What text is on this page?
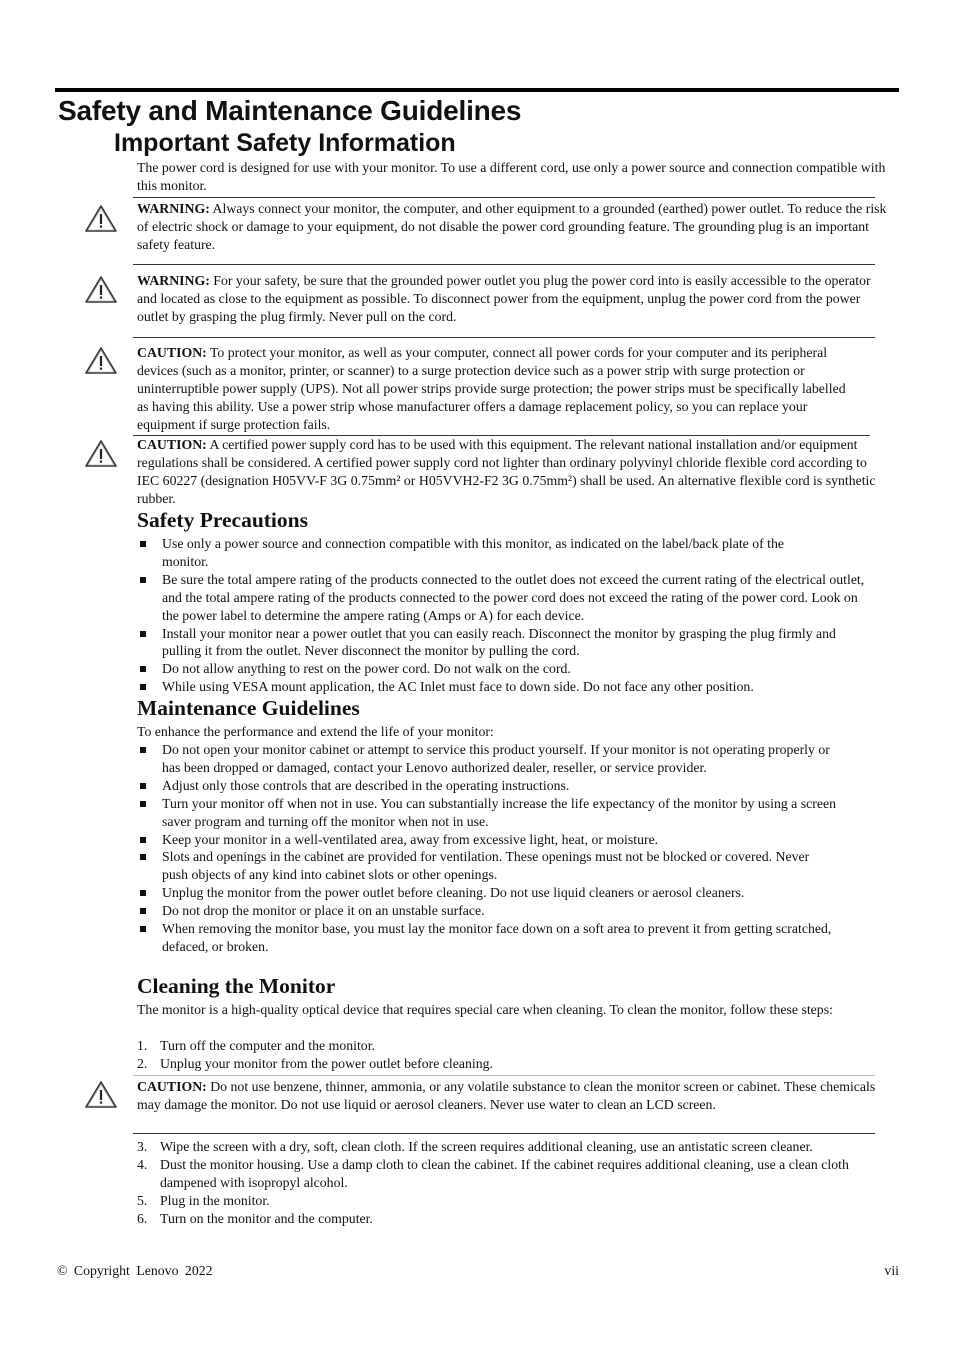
Safety and Maintenance Guidelines
Important Safety Information

The power cord is designed for use with your monitor. To use a different cord, use only a power source and connection compatible with this monitor.

WARNING: Always connect your monitor, the computer, and other equipment to a grounded (earthed) power outlet. To reduce the risk of electric shock or damage to your equipment, do not disable the power cord grounding feature. The grounding plug is an important safety feature.

WARNING: For your safety, be sure that the grounded power outlet you plug the power cord into is easily accessible to the operator and located as close to the equipment as possible. To disconnect power from the equipment, unplug the power cord from the power outlet by grasping the plug firmly. Never pull on the cord.

CAUTION: To protect your monitor, as well as your computer, connect all power cords for your computer and its peripheral devices (such as a monitor, printer, or scanner) to a surge protection device such as a power strip with surge protection or uninterruptible power supply (UPS). Not all power strips provide surge protection; the power strips must be specifically labelled as having this ability. Use a power strip whose manufacturer offers a damage replacement policy, so you can replace your equipment if surge protection fails.

CAUTION: A certified power supply cord has to be used with this equipment. The relevant national installation and/or equipment regulations shall be considered. A certified power supply cord not lighter than ordinary polyvinyl chloride flexible cord according to IEC 60227 (designation H05VV-F 3G 0.75mm² or H05VVH2-F2 3G 0.75mm²) shall be used. An alternative flexible cord is synthetic rubber.

Safety Precautions
Use only a power source and connection compatible with this monitor, as indicated on the label/back plate of the monitor.
Be sure the total ampere rating of the products connected to the outlet does not exceed the current rating of the electrical outlet, and the total ampere rating of the products connected to the power cord does not exceed the rating of the power cord. Look on the power label to determine the ampere rating (Amps or A) for each device.
Install your monitor near a power outlet that you can easily reach. Disconnect the monitor by grasping the plug firmly and pulling it from the outlet. Never disconnect the monitor by pulling the cord.
Do not allow anything to rest on the power cord. Do not walk on the cord.
While using VESA mount application, the AC Inlet must face to down side. Do not face any other position.
Maintenance Guidelines

To enhance the performance and extend the life of your monitor:

Do not open your monitor cabinet or attempt to service this product yourself. If your monitor is not operating properly or has been dropped or damaged, contact your Lenovo authorized dealer, reseller, or service provider.
Adjust only those controls that are described in the operating instructions.
Turn your monitor off when not in use. You can substantially increase the life expectancy of the monitor by using a screen saver program and turning off the monitor when not in use.
Keep your monitor in a well-ventilated area, away from excessive light, heat, or moisture.
Slots and openings in the cabinet are provided for ventilation. These openings must not be blocked or covered. Never push objects of any kind into cabinet slots or other openings.
Unplug the monitor from the power outlet before cleaning. Do not use liquid cleaners or aerosol cleaners.
Do not drop the monitor or place it on an unstable surface.
When removing the monitor base, you must lay the monitor face down on a soft area to prevent it from getting scratched, defaced, or broken.
Cleaning the Monitor

The monitor is a high-quality optical device that requires special care when cleaning. To clean the monitor, follow these steps:

1. Turn off the computer and the monitor.
2. Unplug your monitor from the power outlet before cleaning.

CAUTION: Do not use benzene, thinner, ammonia, or any volatile substance to clean the monitor screen or cabinet. These chemicals may damage the monitor. Do not use liquid or aerosol cleaners. Never use water to clean an LCD screen.

3. Wipe the screen with a dry, soft, clean cloth. If the screen requires additional cleaning, use an antistatic screen cleaner.
4. Dust the monitor housing. Use a damp cloth to clean the cabinet. If the cabinet requires additional cleaning, use a clean cloth dampened with isopropyl alcohol.
5. Plug in the monitor.
6. Turn on the monitor and the computer.
© Copyright Lenovo 2022	vii
